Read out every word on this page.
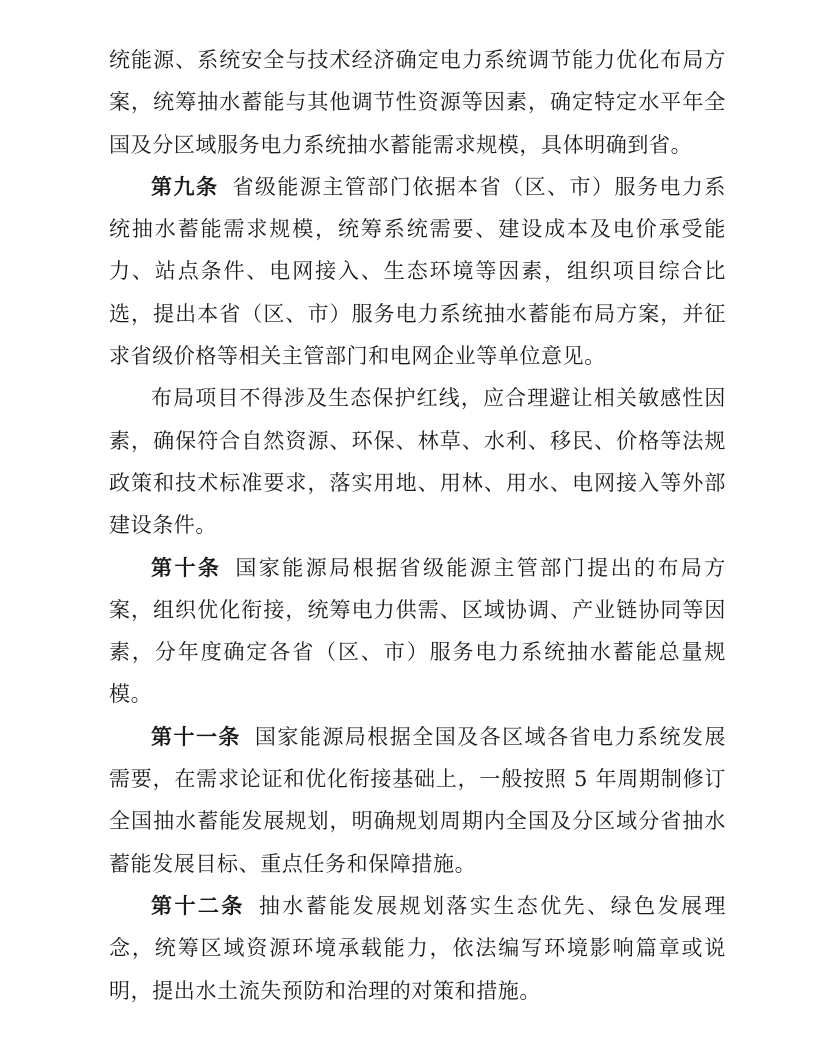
统能源、系统安全与技术经济确定电力系统调节能力优化布局方案，统筹抽水蓄能与其他调节性资源等因素，确定特定水平年全国及分区域服务电力系统抽水蓄能需求规模，具体明确到省。

第九条 省级能源主管部门依据本省（区、市）服务电力系统抽水蓄能需求规模，统筹系统需要、建设成本及电价承受能力、站点条件、电网接入、生态环境等因素，组织项目综合比选，提出本省（区、市）服务电力系统抽水蓄能布局方案，并征求省级价格等相关主管部门和电网企业等单位意见。

布局项目不得涉及生态保护红线，应合理避让相关敏感性因素，确保符合自然资源、环保、林草、水利、移民、价格等法规政策和技术标准要求，落实用地、用林、用水、电网接入等外部建设条件。

第十条 国家能源局根据省级能源主管部门提出的布局方案，组织优化衔接，统筹电力供需、区域协调、产业链协同等因素，分年度确定各省（区、市）服务电力系统抽水蓄能总量规模。

第十一条 国家能源局根据全国及各区域各省电力系统发展需要，在需求论证和优化衔接基础上，一般按照 5 年周期制修订全国抽水蓄能发展规划，明确规划周期内全国及分区域分省抽水蓄能发展目标、重点任务和保障措施。

第十二条 抽水蓄能发展规划落实生态优先、绿色发展理念，统筹区域资源环境承载能力，依法编写环境影响篇章或说明，提出水土流失预防和治理的对策和措施。
